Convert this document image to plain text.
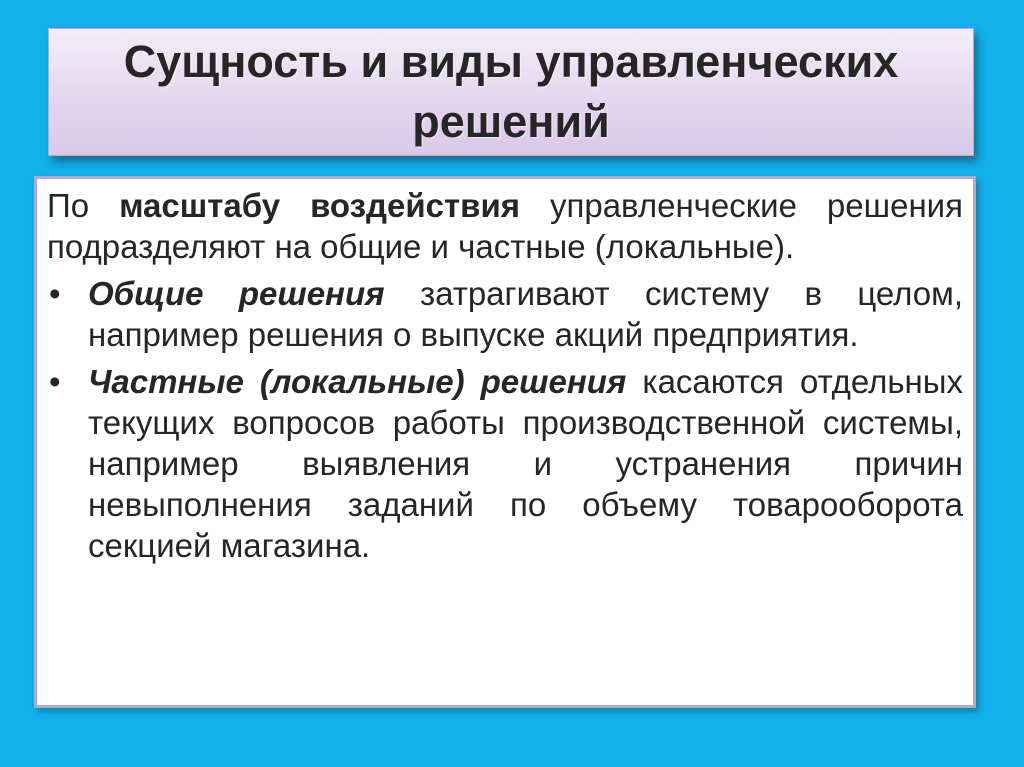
Сущность и виды управленческих решений

По масштабу воздействия управленческие решения подразделяют на общие и частные (локальные).

• Общие решения затрагивают систему в целом, например решения о выпуске акций предприятия.
• Частные (локальные) решения касаются отдельных текущих вопросов работы производственной системы, например выявления и устранения причин невыполнения заданий по объему товарооборота секцией магазина.
